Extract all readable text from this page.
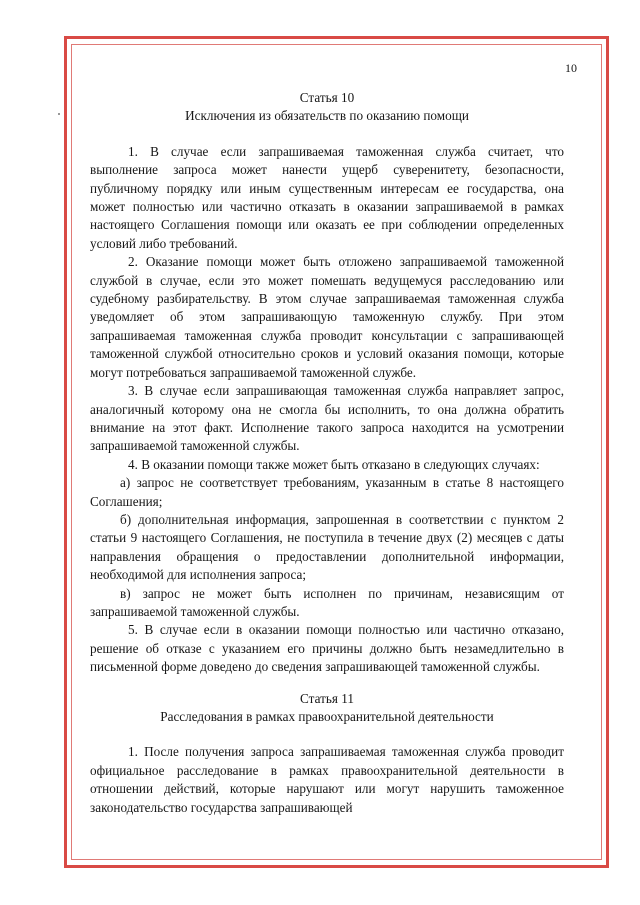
10

Статья 10

Исключения из обязательств по оказанию помощи

1. В случае если запрашиваемая таможенная служба считает, что выполнение запроса может нанести ущерб суверенитету, безопасности, публичному порядку или иным существенным интересам ее государства, она может полностью или частично отказать в оказании запрашиваемой в рамках настоящего Соглашения помощи или оказать ее при соблюдении определенных условий либо требований.

2. Оказание помощи может быть отложено запрашиваемой таможенной службой в случае, если это может помешать ведущемуся расследованию или судебному разбирательству. В этом случае запрашиваемая таможенная служба уведомляет об этом запрашивающую таможенную службу. При этом запрашиваемая таможенная служба проводит консультации с запрашивающей таможенной службой относительно сроков и условий оказания помощи, которые могут потребоваться запрашиваемой таможенной службе.

3. В случае если запрашивающая таможенная служба направляет запрос, аналогичный которому она не смогла бы исполнить, то она должна обратить внимание на этот факт. Исполнение такого запроса находится на усмотрении запрашиваемой таможенной службы.

4. В оказании помощи также может быть отказано в следующих случаях:

а) запрос не соответствует требованиям, указанным в статье 8 настоящего Соглашения;

б) дополнительная информация, запрошенная в соответствии с пунктом 2 статьи 9 настоящего Соглашения, не поступила в течение двух (2) месяцев с даты направления обращения о предоставлении дополнительной информации, необходимой для исполнения запроса;

в) запрос не может быть исполнен по причинам, независящим от запрашиваемой таможенной службы.

5. В случае если в оказании помощи полностью или частично отказано, решение об отказе с указанием его причины должно быть незамедлительно в письменной форме доведено до сведения запрашивающей таможенной службы.

Статья 11

Расследования в рамках правоохранительной деятельности

1. После получения запроса запрашиваемая таможенная служба проводит официальное расследование в рамках правоохранительной деятельности в отношении действий, которые нарушают или могут нарушить таможенное законодательство государства запрашивающей
